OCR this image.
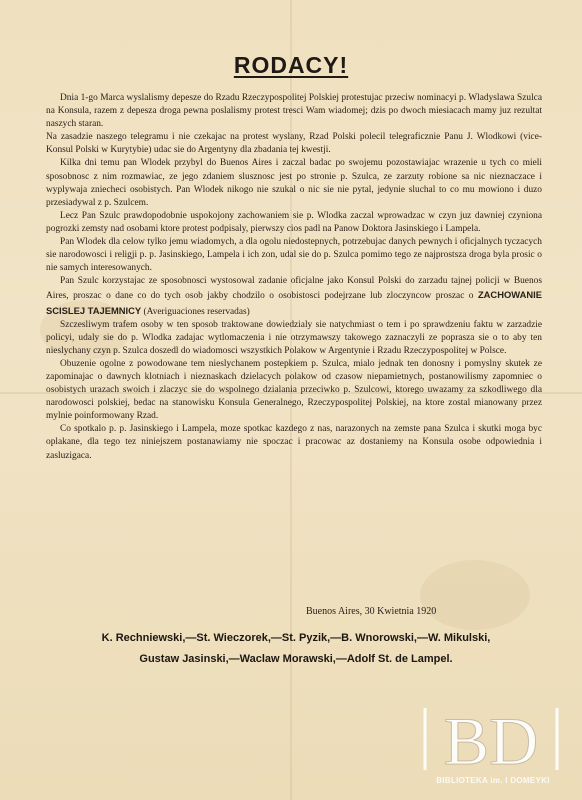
RODACY!

Dnia 1-go Marca wyslalismy depesze do Rzadu Rzeczypospolitej Polskiej protestujac przeciw nominacyi p. Wladyslawa Szulca na Konsula, razem z depesza droga pewna poslalismy protest tresci Wam wiadomej; dzis po dwoch miesiacach mamy juz rezultat naszych staran.

Na zasadzie naszego telegramu i nie czekajac na protest wyslany, Rzad Polski polecil telegraficznie Panu J. Wlodkowi (vice-Konsul Polski w Kurytybie) udac sie do Argentyny dla zbadania tej kwestji.

Kilka dni temu pan Wlodek przybyl do Buenos Aires i zaczal badac po swojemu pozostawiajac wrazenie u tych co mieli sposobnosc z nim rozmawiac, ze jego zdaniem slusznosc jest po stronie p. Szulca, ze zarzuty robione sa nic nieznaczace i wyplywaja zniecheci osobistych. Pan Wlodek nikogo nie szukal o nic sie nie pytal, jedynie sluchal to co mu mowiono i duzo przesiadywal z p. Szulcem.

Lecz Pan Szulc prawdopodobnie uspokojony zachowaniem sie p. Wlodka zaczal wprowadzac w czyn juz dawniej czyniona pogrozki zemsty nad osobami ktore protest podpisaly, pierwszy cios padl na Panow Doktora Jasinskiego i Lampela.

Pan Wlodek dla celow tylko jemu wiadomych, a dla ogolu niedostepnych, potrzebujac danych pewnych i oficjalnych tyczacych sie narodowosci i religji p. p. Jasinskiego, Lampela i ich zon, udal sie do p. Szulca pomimo tego ze najprostsza droga byla prosic o nie samych interesowanych.

Pan Szulc korzystajac ze sposobnosci wystosowal zadanie oficjalne jako Konsul Polski do zarzadu tajnej policji w Buenos Aires, proszac o dane co do tych osob jakby chodzilo o osobistosci podejrzane lub zloczyncow proszac o ZACHOWANIE SCISLEJ TAJEMNICY (Averiguaciones reservadas)

Szczesliwym trafem osoby w ten sposob traktowane dowiedzialy sie natychmiast o tem i po sprawdzeniu faktu w zarzadzie policyi, udaly sie do p. Wlodka zadajac wytlomaczenia i nie otrzymawszy takowego zaznaczyli ze poprasza sie o to aby ten nieslychany czyn p. Szulca doszedl do wiadomosci wszystkich Polakow w Argentynie i Rzadu Rzeczypospolitej w Polsce.

Obuzenie ogolne z powodowane tem nieslychanem postepkiem p. Szulca, mialo jednak ten donosny i pomyslny skutek ze zapominajac o dawnych klotniach i nieznaskach dzielacych polakow od czasow niepamietnych, postanowilismy zapomniec o osobistych urazach swoich i zlaczyc sie do wspolnego dzialania przeciwko p. Szulcowi, ktorego uwazamy za szkodliwego dla narodowosci polskiej, bedac na stanowisku Konsula Generalnego, Rzeczypospolitej Polskiej, na ktore zostal mianowany przez mylnie poinformowany Rzad.

Co spotkalo p. p. Jasinskiego i Lampela, moze spotkac kazdego z nas, narazonych na zemste pana Szulca i skutki moga byc oplakane, dla tego tez niniejszem postanawiamy nie spoczac i pracowac az dostaniemy na Konsula osobe odpowiednia i zasluzigaca.

Buenos Aires, 30 Kwietnia 1920
K. Rechniewski,—St. Wieczorek,—St. Pyzik,—B. Wnorowski,—W. Mikulski,
Gustaw Jasinski,—Waclaw Morawski,—Adolf St. de Lampel.
BD
BIBLIOTEKA im. I DOMEYKI
